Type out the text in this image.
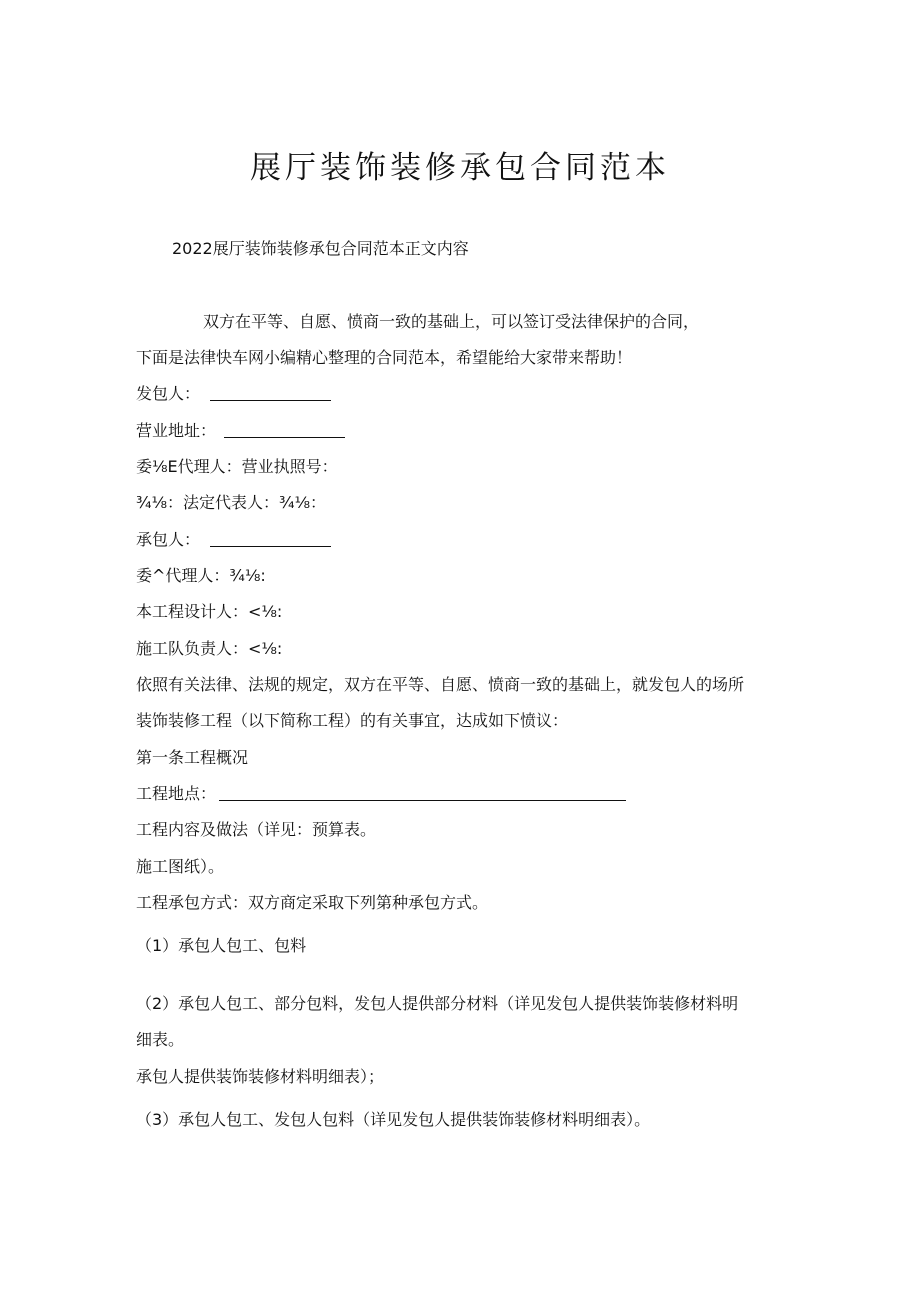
展厅装饰装修承包合同范本
2022展厅装饰装修承包合同范本正文内容
双方在平等、自愿、愤商一致的基础上，可以签订受法律保护的合同，
下面是法律快车网小编精心整理的合同范本，希望能给大家带来帮助！
发包人：
营业地址：
委⅛E代理人：营业执照号：
¾⅛：法定代表人：¾⅛：
承包人：
委^代理人：¾⅛:
本工程设计人：<⅛:
施工队负责人：<⅛:
依照有关法律、法规的规定，双方在平等、自愿、愤商一致的基础上，就发包人的场所
装饰装修工程（以下简称工程）的有关事宜，达成如下愤议：
第一条工程概况
工程地点：
工程内容及做法（详见：预算表。
施工图纸）。
工程承包方式：双方商定采取下列第种承包方式。
（1）承包人包工、包料
（2）承包人包工、部分包料，发包人提供部分材料（详见发包人提供装饰装修材料明
细表。
承包人提供装饰装修材料明细表）；
（3）承包人包工、发包人包料（详见发包人提供装饰装修材料明细表）。
